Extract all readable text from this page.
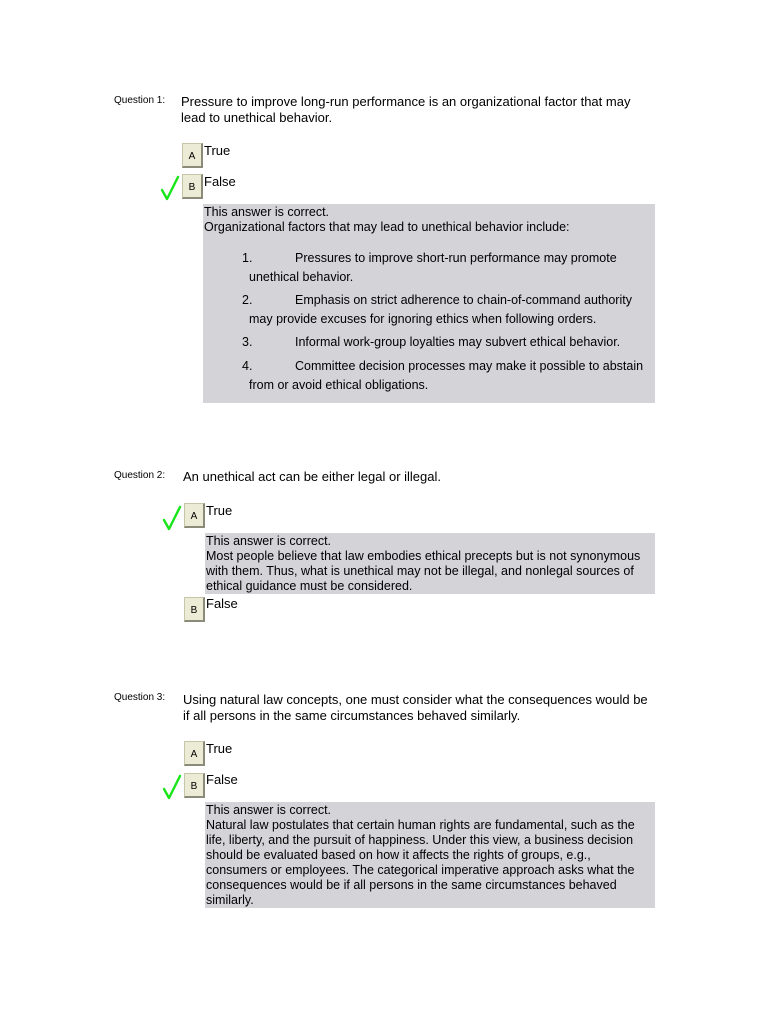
Question 1: Pressure to improve long-run performance is an organizational factor that may lead to unethical behavior.
A True
B False
This answer is correct.
Organizational factors that may lead to unethical behavior include:
1.	Pressures to improve short-run performance may promote
unethical behavior.
2.	Emphasis on strict adherence to chain-of-command authority
may provide excuses for ignoring ethics when following orders.
3.	Informal work-group loyalties may subvert ethical behavior.
4.	Committee decision processes may make it possible to abstain
from or avoid ethical obligations.
Question 2: An unethical act can be either legal or illegal.
A True
This answer is correct.
Most people believe that law embodies ethical precepts but is not synonymous with them. Thus, what is unethical may not be illegal, and nonlegal sources of ethical guidance must be considered.
B False
Question 3: Using natural law concepts, one must consider what the consequences would be if all persons in the same circumstances behaved similarly.
A True
B False
This answer is correct.
Natural law postulates that certain human rights are fundamental, such as the life, liberty, and the pursuit of happiness. Under this view, a business decision should be evaluated based on how it affects the rights of groups, e.g., consumers or employees. The categorical imperative approach asks what the consequences would be if all persons in the same circumstances behaved similarly.
